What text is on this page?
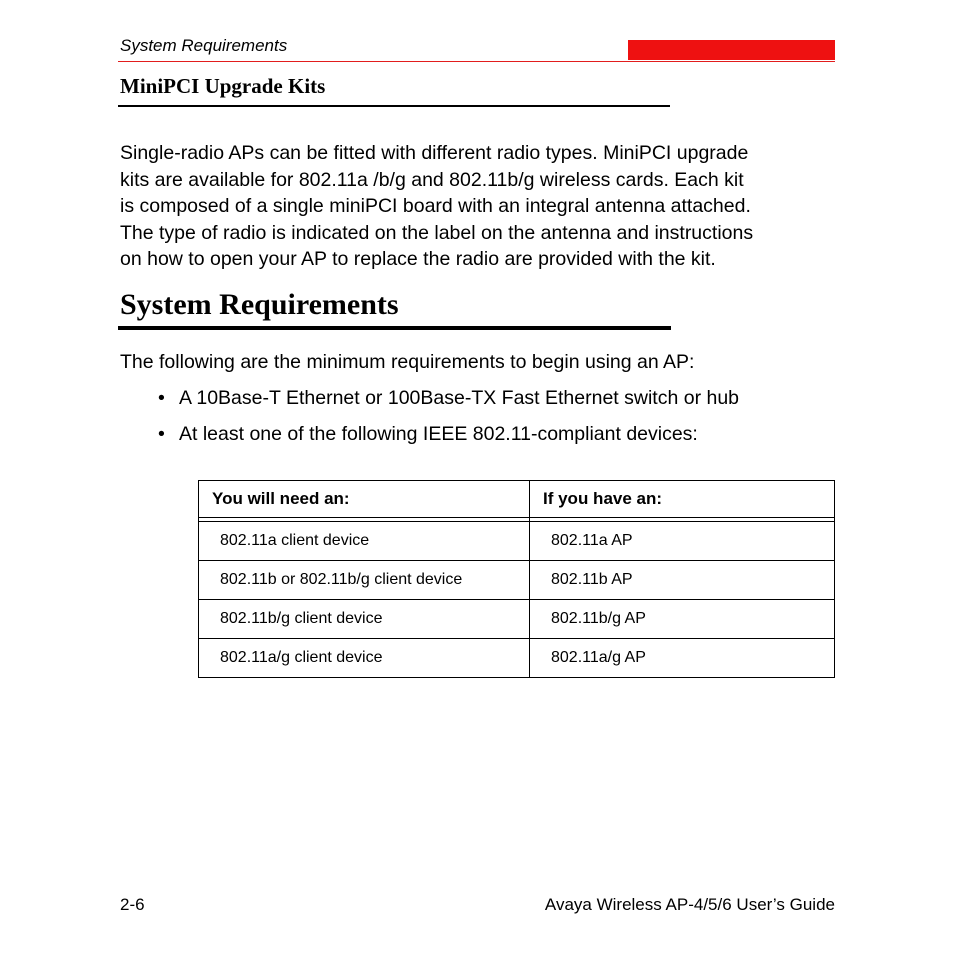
System Requirements
MiniPCI Upgrade Kits

Single-radio APs can be fitted with different radio types. MiniPCI upgrade
kits are available for 802.11a /b/g and 802.11b/g wireless cards. Each kit
is composed of a single miniPCI board with an integral antenna attached.
The type of radio is indicated on the label on the antenna and instructions
on how to open your AP to replace the radio are provided with the kit.

System Requirements
The following are the minimum requirements to begin using an AP:
• A 10Base-T Ethernet or 100Base-TX Fast Ethernet switch or hub
• At least one of the following IEEE 802.11-compliant devices:
You will need an:	If you have an:

802.11a client device	802.11a AP
802.11b or 802.11b/g client device	802.11b AP
802.11b/g client device	802.11b/g AP
802.11a/g client device	802.11a/g AP
2-6	Avaya Wireless AP-4/5/6 User’s Guide
